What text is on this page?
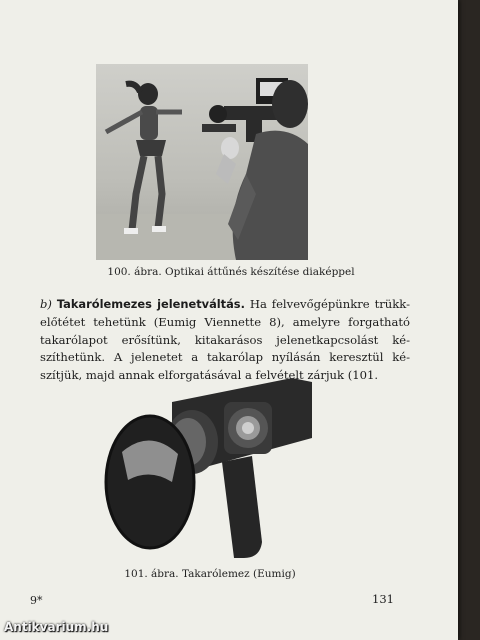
100. ábra. Optikai áttűnés készítése diaképpel
b) Takarólemezes jelenetváltás. Ha felvevőgépünkre trükk- előtétet tehetünk (Eumig Viennette 8), amelyre forgatható takarólapot erősítünk, kitakarásos jelenetkapcsolást ké- szíthetünk. A jelenetet a takarólap nyílásán keresztül ké- szítjük, majd annak elforgatásával a felvételt zárjuk (101.
101. ábra. Takarólemez (Eumig)
9*	131
Antikvarium.hu
